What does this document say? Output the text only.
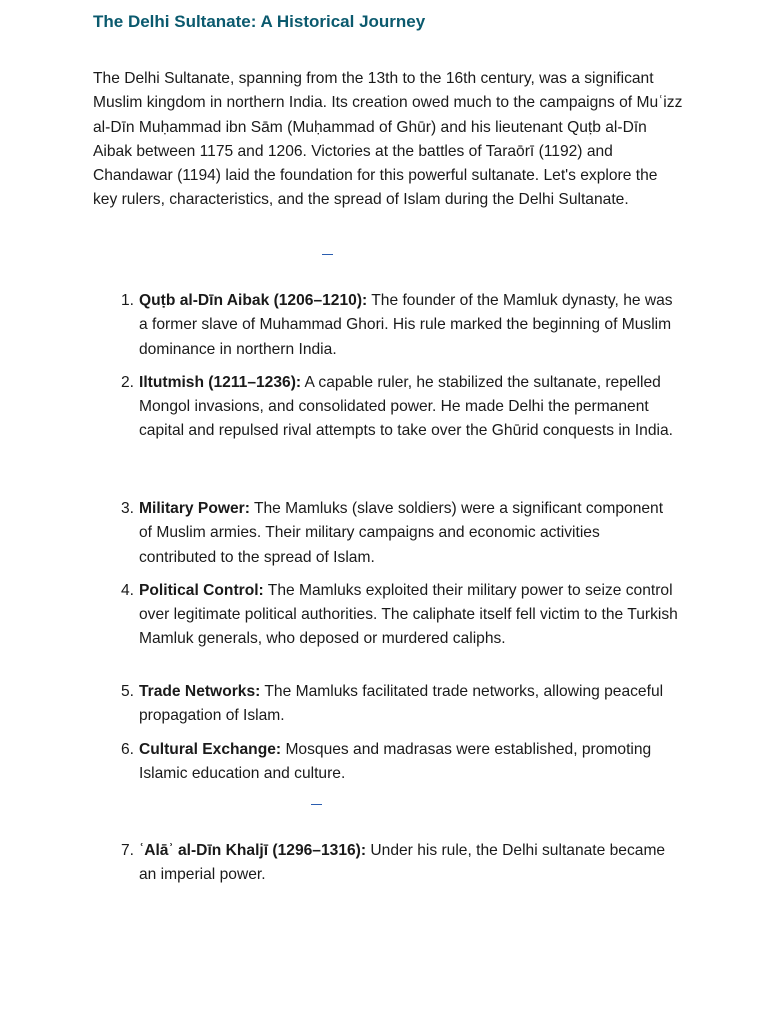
The Delhi Sultanate: A Historical Journey

The Delhi Sultanate, spanning from the 13th to the 16th century, was a significant Muslim kingdom in northern India. Its creation owed much to the campaigns of Muʿizz al-Dīn Muḥammad ibn Sām (Muḥammad of Ghūr) and his lieutenant Quṭb al-Dīn Aibak between 1175 and 1206. Victories at the battles of Taraōrī (1192) and Chandawar (1194) laid the foundation for this powerful sultanate. Let's explore the key rulers, characteristics, and the spread of Islam during the Delhi Sultanate.

1. Quṭb al-Dīn Aibak (1206–1210): The founder of the Mamluk dynasty, he was a former slave of Muhammad Ghori. His rule marked the beginning of Muslim dominance in northern India.
2. Iltutmish (1211–1236): A capable ruler, he stabilized the sultanate, repelled Mongol invasions, and consolidated power. He made Delhi the permanent capital and repulsed rival attempts to take over the Ghūrid conquests in India.
3. Military Power: The Mamluks (slave soldiers) were a significant component of Muslim armies. Their military campaigns and economic activities contributed to the spread of Islam.
4. Political Control: The Mamluks exploited their military power to seize control over legitimate political authorities. The caliphate itself fell victim to the Turkish Mamluk generals, who deposed or murdered caliphs.
5. Trade Networks: The Mamluks facilitated trade networks, allowing peaceful propagation of Islam.
6. Cultural Exchange: Mosques and madrasas were established, promoting Islamic education and culture.
7. ʿAlāʾ al-Dīn Khaljī (1296–1316): Under his rule, the Delhi sultanate became an imperial power.
